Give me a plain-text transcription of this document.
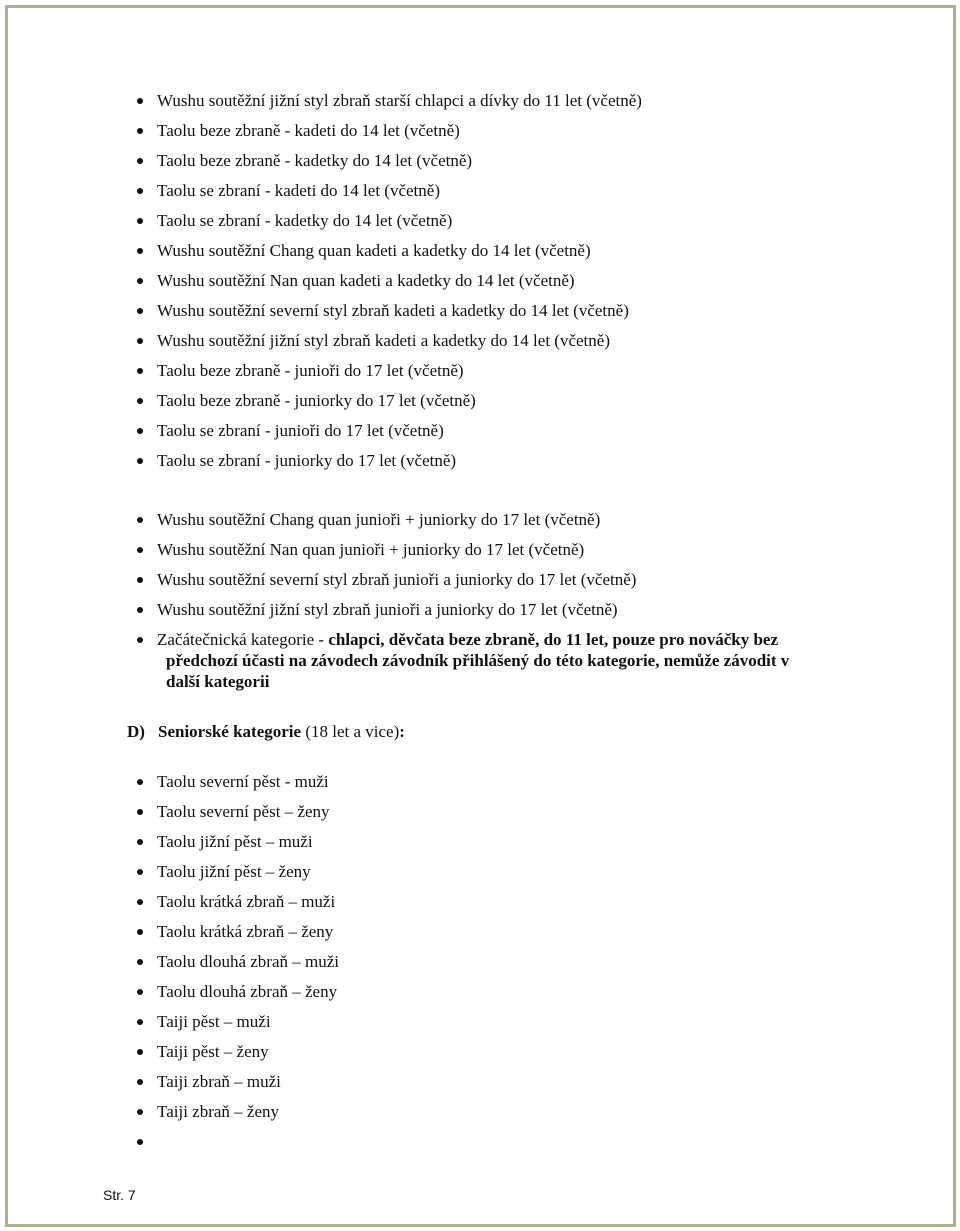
Wushu soutěžní jižní styl zbraň starší chlapci a dívky do 11 let (včetně)
Taolu beze zbraně - kadeti do 14 let (včetně)
Taolu beze zbraně - kadetky do 14 let (včetně)
Taolu se zbraní - kadeti do 14 let (včetně)
Taolu se zbraní - kadetky do 14 let (včetně)
Wushu soutěžní Chang quan kadeti a kadetky do 14 let (včetně)
Wushu soutěžní Nan quan kadeti a kadetky do 14 let (včetně)
Wushu soutěžní severní styl zbraň kadeti a kadetky do 14 let (včetně)
Wushu soutěžní jižní styl zbraň kadeti a kadetky do 14 let (včetně)
Taolu beze zbraně - junioři do 17 let (včetně)
Taolu beze zbraně - juniorky do 17 let (včetně)
Taolu se zbraní - junioři do 17 let (včetně)
Taolu se zbraní - juniorky do 17 let (včetně)
Wushu soutěžní Chang quan junioři + juniorky do 17 let (včetně)
Wushu soutěžní Nan quan junioři + juniorky do 17 let (včetně)
Wushu soutěžní severní styl zbraň junioři a juniorky do 17 let (včetně)
Wushu soutěžní jižní styl zbraň junioři a juniorky do 17 let (včetně)
Začátečnická kategorie - chlapci, děvčata beze zbraně, do 11 let, pouze pro nováčky bez
předchozí účasti na závodech závodník přihlášený do této kategorie, nemůže závodit v
další kategorii
D) Seniorské kategorie (18 let a vice):
Taolu severní pěst - muži
Taolu severní pěst – ženy
Taolu jižní pěst – muži
Taolu jižní pěst – ženy
Taolu krátká zbraň – muži
Taolu krátká zbraň – ženy
Taolu dlouhá zbraň – muži
Taolu dlouhá zbraň – ženy
Taiji pěst – muži
Taiji pěst – ženy
Taiji zbraň – muži
Taiji zbraň – ženy
Str. 7
